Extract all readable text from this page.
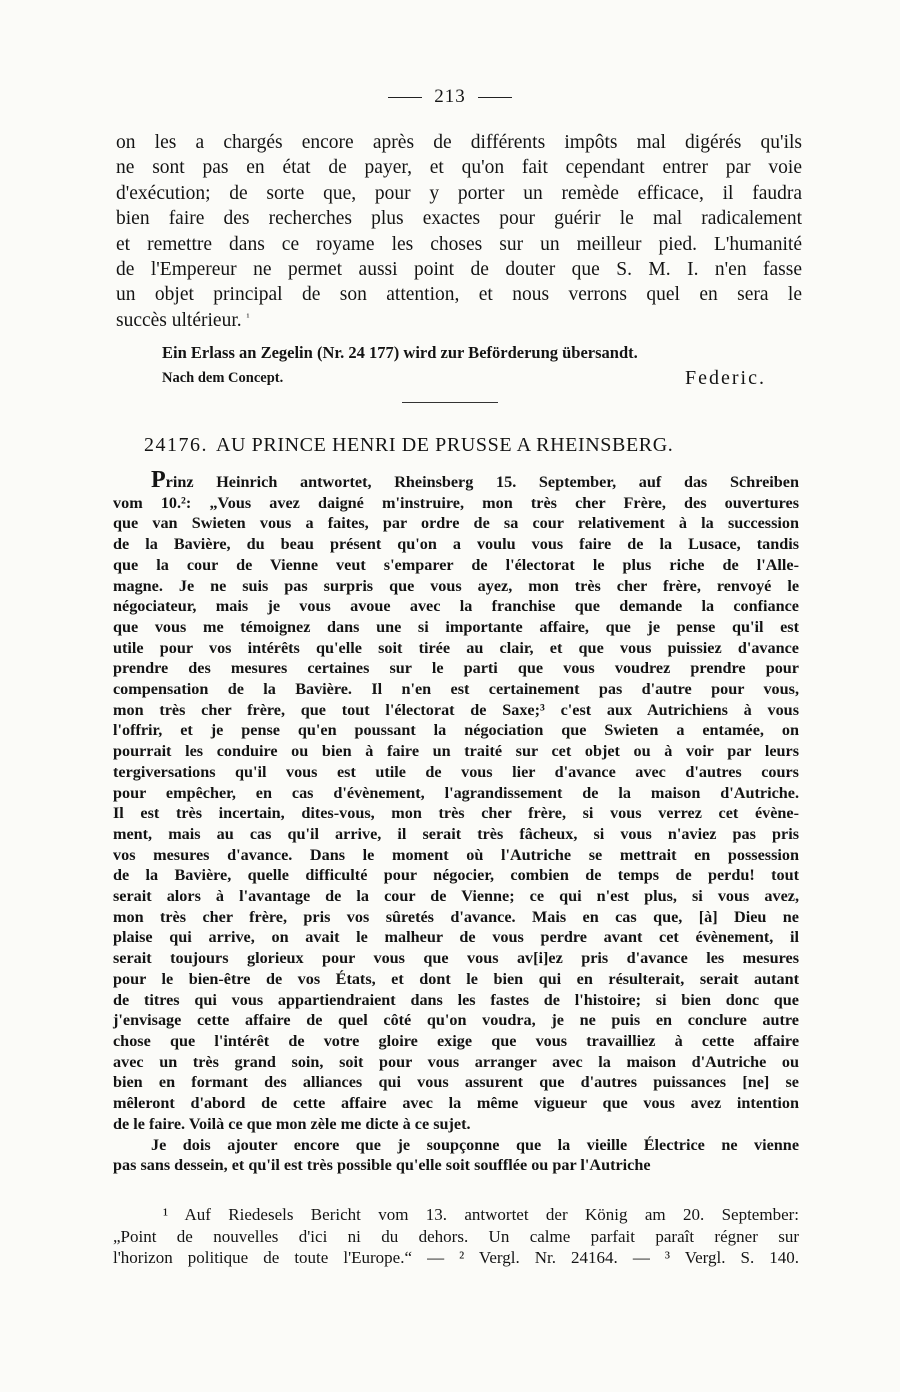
213
on les a chargés encore après de différents impôts mal digérés qu'ils
ne sont pas en état de payer, et qu'on fait cependant entrer par voie
d'exécution; de sorte que, pour y porter un remède efficace, il faudra
bien faire des recherches plus exactes pour guérir le mal radicalement
et remettre dans ce royame les choses sur un meilleur pied. L'humanité
de l'Empereur ne permet aussi point de douter que S. M. I. n'en fasse
un objet principal de son attention, et nous verrons quel en sera le
succès ultérieur. $^{^1}$
Ein Erlass an Zegelin (Nr. 24 177) wird zur Beförderung übersandt.
Nach dem Concept.	Federic.
24176. AU PRINCE HENRI DE PRUSSE A RHEINSBERG.
Prinz Heinrich antwortet, Rheinsberg 15. September, auf das Schreiben
vom 10.²: „Vous avez daigné m'instruire, mon très cher Frère, des ouvertures
que van Swieten vous a faites, par ordre de sa cour relativement à la succession
de la Bavière, du beau présent qu'on a voulu vous faire de la Lusace, tandis
que la cour de Vienne veut s'emparer de l'électorat le plus riche de l'Alle-
magne. Je ne suis pas surpris que vous ayez, mon très cher frère, renvoyé le
négociateur, mais je vous avoue avec la franchise que demande la confiance
que vous me témoignez dans une si importante affaire, que je pense qu'il est
utile pour vos intérêts qu'elle soit tirée au clair, et que vous puissiez d'avance
prendre des mesures certaines sur le parti que vous voudrez prendre pour
compensation de la Bavière. Il n'en est certainement pas d'autre pour vous,
mon très cher frère, que tout l'électorat de Saxe;³ c'est aux Autrichiens à vous
l'offrir, et je pense qu'en poussant la négociation que Swieten a entamée, on
pourrait les conduire ou bien à faire un traité sur cet objet ou à voir par leurs
tergiversations qu'il vous est utile de vous lier d'avance avec d'autres cours
pour empêcher, en cas d'évènement, l'agrandissement de la maison d'Autriche.
Il est très incertain, dites-vous, mon très cher frère, si vous verrez cet évène-
ment, mais au cas qu'il arrive, il serait très fâcheux, si vous n'aviez pas pris
vos mesures d'avance. Dans le moment où l'Autriche se mettrait en possession
de la Bavière, quelle difficulté pour négocier, combien de temps de perdu! tout
serait alors à l'avantage de la cour de Vienne; ce qui n'est plus, si vous avez,
mon très cher frère, pris vos sûretés d'avance. Mais en cas que, [à] Dieu ne
plaise qui arrive, on avait le malheur de vous perdre avant cet évènement, il
serait toujours glorieux pour vous que vous av[i]ez pris d'avance les mesures
pour le bien-être de vos États, et dont le bien qui en résulterait, serait autant
de titres qui vous appartiendraient dans les fastes de l'histoire; si bien donc que
j'envisage cette affaire de quel côté qu'on voudra, je ne puis en conclure autre
chose que l'intérêt de votre gloire exige que vous travailliez à cette affaire
avec un très grand soin, soit pour vous arranger avec la maison d'Autriche ou
bien en formant des alliances qui vous assurent que d'autres puissances [ne] se
mêleront d'abord de cette affaire avec la même vigueur que vous avez intention
de le faire. Voilà ce que mon zèle me dicte à ce sujet.
Je dois ajouter encore que je soupçonne que la vieille Électrice ne vienne
pas sans dessein, et qu'il est très possible qu'elle soit soufflée ou par l'Autriche
¹ Auf Riedesels Bericht vom 13. antwortet der König am 20. September:
„Point de nouvelles d'ici ni du dehors. Un calme parfait paraît régner sur
l'horizon politique de toute l'Europe.“ — ² Vergl. Nr. 24164. — ³ Vergl. S. 140.
